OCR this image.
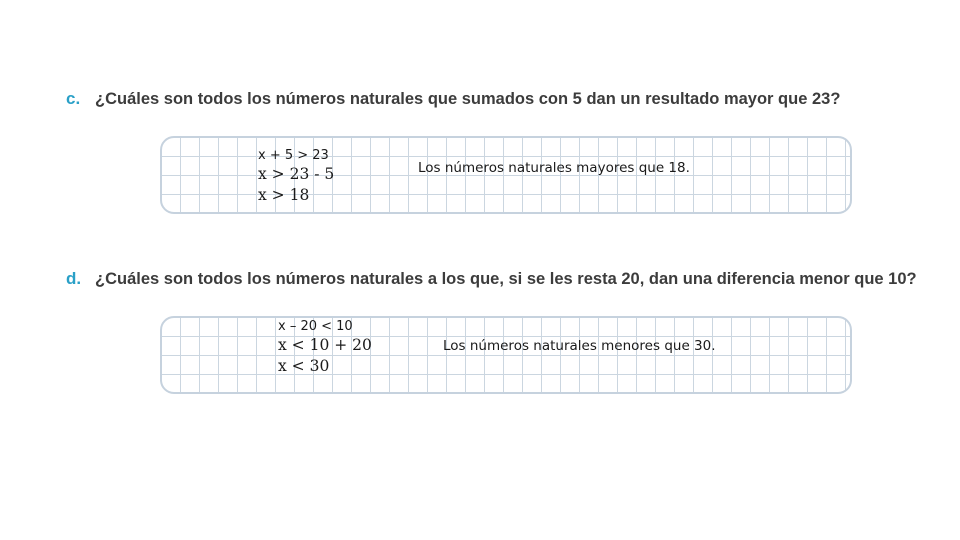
c. ¿Cuáles son todos los números naturales que sumados con 5 dan un resultado mayor que 23?
x + 5 > 23
x > 23 - 5
x > 18
Los números naturales mayores que 18.
d. ¿Cuáles son todos los números naturales a los que, si se les resta 20, dan una diferencia menor que 10?
x – 20 < 10
x < 10 + 20
x < 30
Los números naturales menores que 30.
